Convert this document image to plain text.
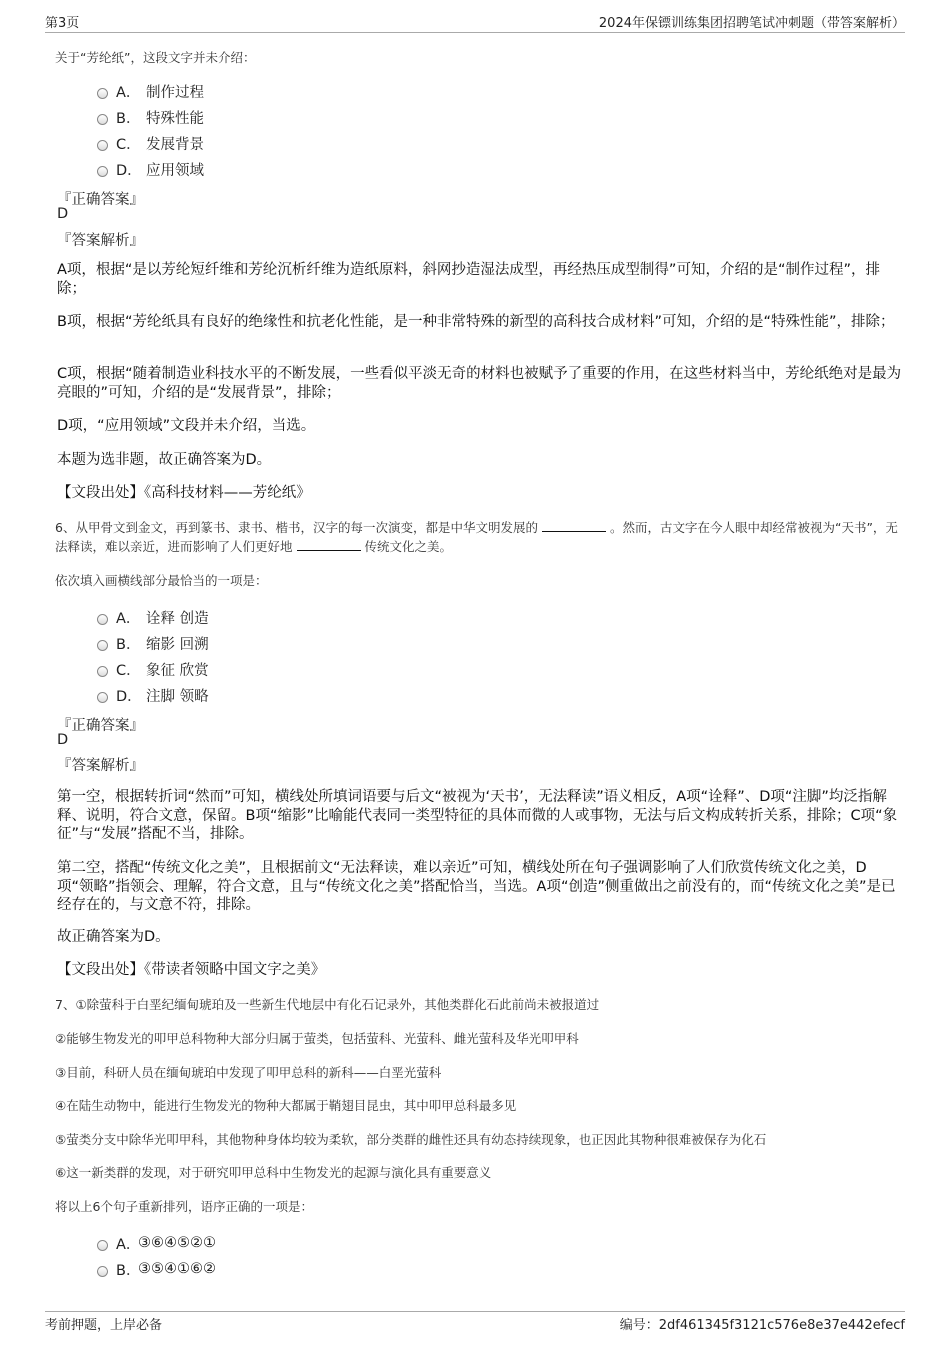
第3页	2024年保镖训练集团招聘笔试冲刺题（带答案解析）
关于“芳纶纸”，这段文字并未介绍：
A． 制作过程
B． 特殊性能
C． 发展背景
D． 应用领域
『正确答案』
D
『答案解析』
A项，根据“是以芳纶短纤维和芳纶沉析纤维为造纸原料，斜网抄造湿法成型，再经热压成型制得”可知，介绍的是“制作过程”，排除；
B项，根据“芳纶纸具有良好的绝缘性和抗老化性能，是一种非常特殊的新型的高科技合成材料”可知，介绍的是“特殊性能”，排除；
C项，根据“随着制造业科技水平的不断发展，一些看似平淡无奇的材料也被赋予了重要的作用，在这些材料当中，芳纶纸绝对是最为亮眼的”可知，介绍的是“发展背景”，排除；
D项，“应用领域”文段并未介绍，当选。
本题为选非题，故正确答案为D。
【文段出处】《高科技材料——芳纶纸》
6、从甲骨文到金文，再到篆书、隶书、楷书，汉字的每一次演变，都是中华文明发展的	。然而，古文字在今人眼中却经常被视为“天书”，无法释读，难以亲近，进而影响了人们更好地	传统文化之美。
依次填入画横线部分最恰当的一项是：
A． 诠释 创造
B． 缩影 回溯
C． 象征 欣赏
D． 注脚 领略
『正确答案』
D
『答案解析』
第一空，根据转折词“然而”可知，横线处所填词语要与后文“被视为‘天书’，无法释读”语义相反，A项“诠释”、D项“注脚”均泛指解释、说明，符合文意，保留。B项“缩影”比喻能代表同一类型特征的具体而微的人或事物，无法与后文构成转折关系，排除；C项“象征”与“发展”搭配不当，排除。
第二空，搭配“传统文化之美”，且根据前文“无法释读，难以亲近”可知，横线处所在句子强调影响了人们欣赏传统文化之美，D项“领略”指领会、理解，符合文意，且与“传统文化之美”搭配恰当，当选。A项“创造”侧重做出之前没有的，而“传统文化之美”是已经存在的，与文意不符，排除。
故正确答案为D。
【文段出处】《带读者领略中国文字之美》
7、①除萤科于白垩纪缅甸琥珀及一些新生代地层中有化石记录外，其他类群化石此前尚未被报道过
②能够生物发光的叩甲总科物种大部分归属于萤类，包括萤科、光萤科、雌光萤科及华光叩甲科
③目前，科研人员在缅甸琥珀中发现了叩甲总科的新科——白垩光萤科
④在陆生动物中，能进行生物发光的物种大都属于鞘翅目昆虫，其中叩甲总科最多见
⑤萤类分支中除华光叩甲科，其他物种身体均较为柔软，部分类群的雌性还具有幼态持续现象，也正因此其物种很难被保存为化石
⑥这一新类群的发现，对于研究叩甲总科中生物发光的起源与演化具有重要意义
将以上6个句子重新排列，语序正确的一项是：
A．
③⑥④⑤②①
B．
③⑤④①⑥②
考前押题，上岸必备	编号：2df461345f3121c576e8e37e442efecf
